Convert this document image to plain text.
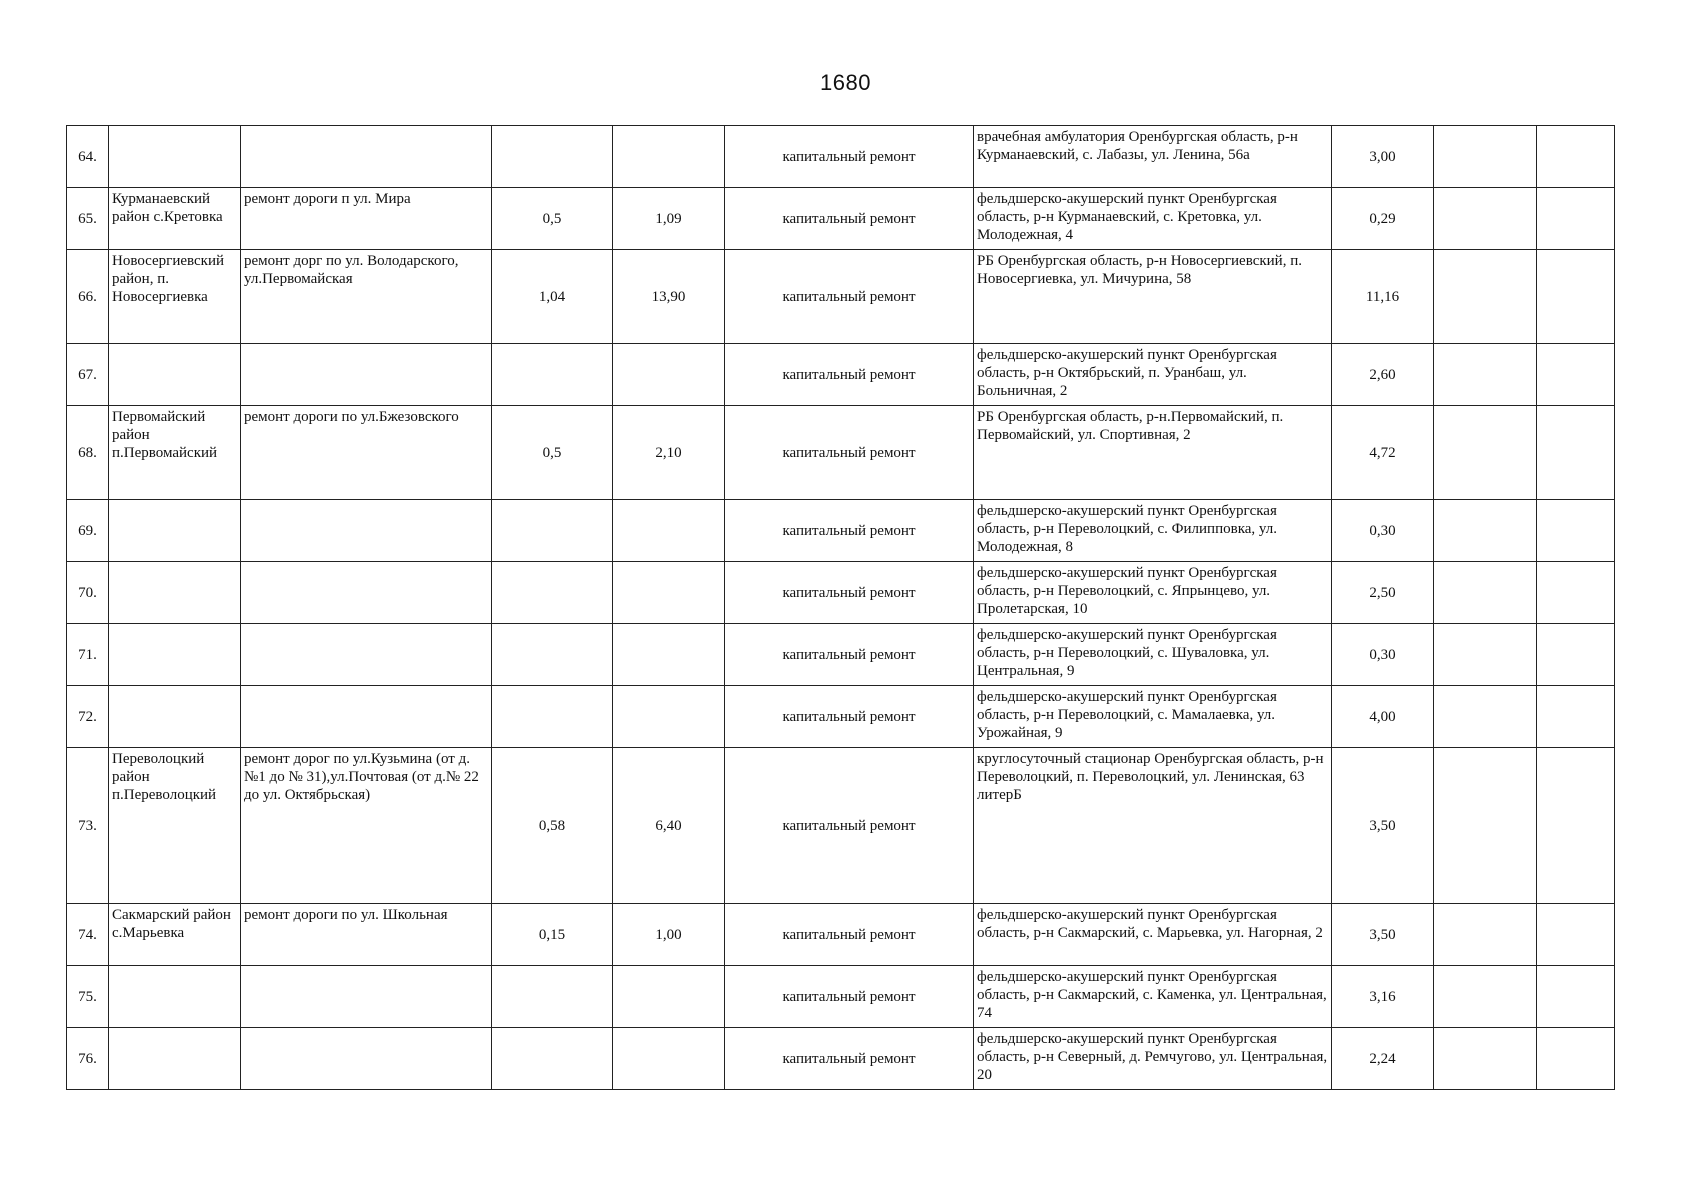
1680
64.					капитальный ремонт	врачебная амбулатория Оренбургская область, р-н Курманаевский, с. Лабазы, ул. Ленина, 56а	3,00		
65.	Курманаевский район с.Кретовка	ремонт дороги п ул. Мира	0,5	1,09	капитальный ремонт	фельдшерско-акушерский пункт Оренбургская область, р-н Курманаевский, с. Кретовка, ул. Молодежная, 4	0,29		
66.	Новосергиевский район, п. Новосергиевка	ремонт дорг по ул. Володарского, ул.Первомайская	1,04	13,90	капитальный ремонт	РБ Оренбургская область, р-н Новосергиевский, п. Новосергиевка, ул. Мичурина, 58	11,16		
67.					капитальный ремонт	фельдшерско-акушерский пункт Оренбургская область, р-н Октябрьский, п. Уранбаш, ул. Больничная, 2	2,60		
68.	Первомайский район п.Первомайский	ремонт дороги по ул.Бжезовского	0,5	2,10	капитальный ремонт	РБ Оренбургская область, р-н.Первомайский, п. Первомайский, ул. Спортивная, 2	4,72		
69.					капитальный ремонт	фельдшерско-акушерский пункт Оренбургская область, р-н Переволоцкий, с. Филипповка, ул. Молодежная, 8	0,30		
70.					капитальный ремонт	фельдшерско-акушерский пункт Оренбургская область, р-н Переволоцкий, с. Япрынцево, ул. Пролетарская, 10	2,50		
71.					капитальный ремонт	фельдшерско-акушерский пункт Оренбургская область, р-н Переволоцкий, с. Шуваловка, ул. Центральная, 9	0,30		
72.					капитальный ремонт	фельдшерско-акушерский пункт Оренбургская область, р-н Переволоцкий, с. Мамалаевка, ул. Урожайная, 9	4,00		
73.	Переволоцкий район п.Переволоцкий	ремонт дорог по ул.Кузьмина (от д.№1 до № 31),ул.Почтовая (от д.№ 22 до ул. Октябрьская)	0,58	6,40	капитальный ремонт	круглосуточный стационар Оренбургская область, р-н Переволоцкий, п. Переволоцкий, ул. Ленинская, 63 литерБ	3,50		
74.	Сакмарский район с.Марьевка	ремонт дороги по ул. Школьная	0,15	1,00	капитальный ремонт	фельдшерско-акушерский пункт Оренбургская область, р-н Сакмарский, с. Марьевка, ул. Нагорная, 2	3,50		
75.					капитальный ремонт	фельдшерско-акушерский пункт Оренбургская область, р-н Сакмарский, с. Каменка, ул. Центральная, 74	3,16		
76.					капитальный ремонт	фельдшерско-акушерский пункт Оренбургская область, р-н Северный, д. Ремчугово, ул. Центральная, 20	2,24		
